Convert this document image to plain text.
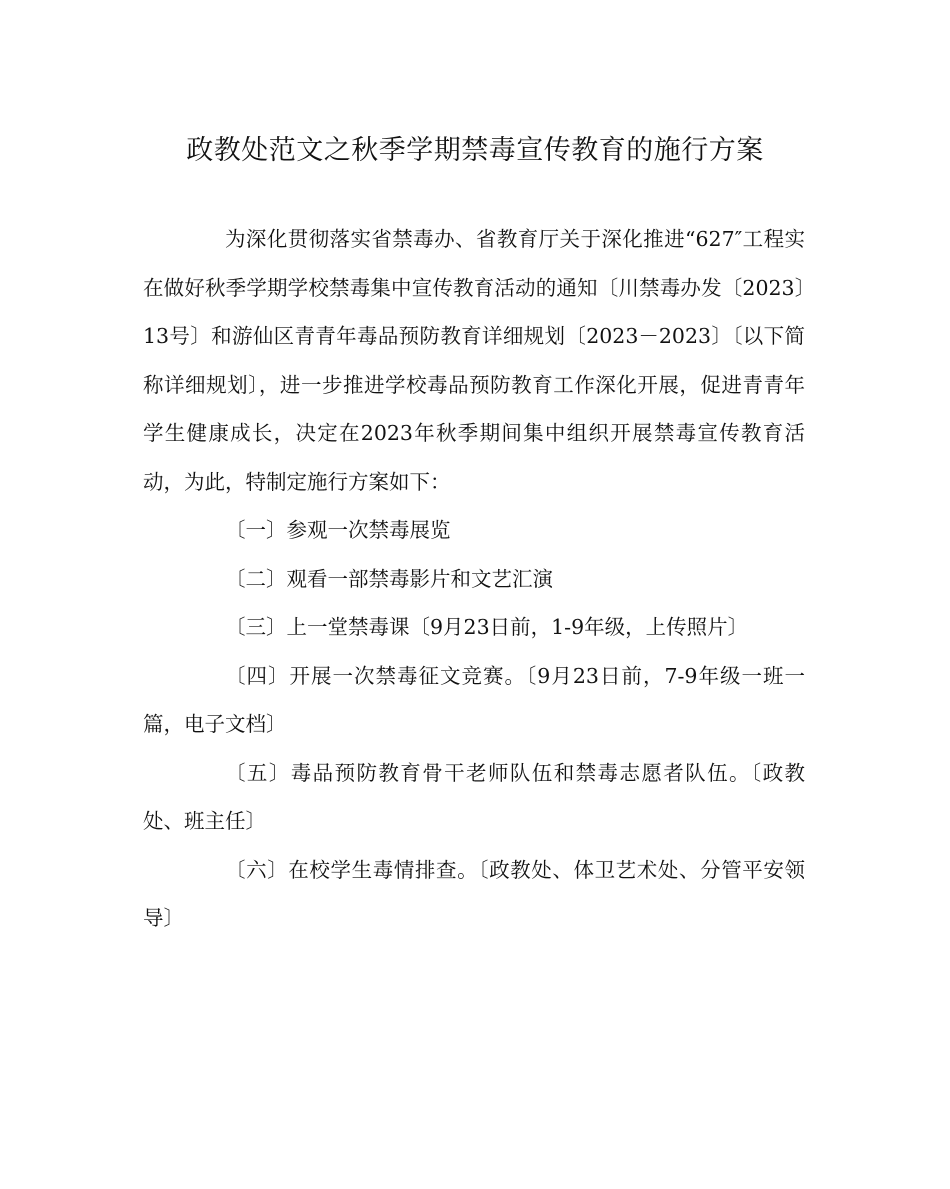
政教处范文之秋季学期禁毒宣传教育的施行方案

为深化贯彻落实省禁毒办、省教育厅关于深化推进“627″工程实在做好秋季学期学校禁毒集中宣传教育活动的通知〔川禁毒办发〔2023〕13号〕和游仙区青青年毒品预防教育详细规划〔2023－2023〕〔以下简称详细规划〕，进一步推进学校毒品预防教育工作深化开展，促进青青年学生健康成长，决定在2023年秋季期间集中组织开展禁毒宣传教育活动，为此，特制定施行方案如下：

〔一〕参观一次禁毒展览

〔二〕观看一部禁毒影片和文艺汇演

〔三〕上一堂禁毒课〔9月23日前，1-9年级，上传照片〕

〔四〕开展一次禁毒征文竞赛。〔9月23日前，7-9年级一班一篇，电子文档〕

〔五〕毒品预防教育骨干老师队伍和禁毒志愿者队伍。〔政教处、班主任〕

〔六〕在校学生毒情排查。〔政教处、体卫艺术处、分管平安领导〕
